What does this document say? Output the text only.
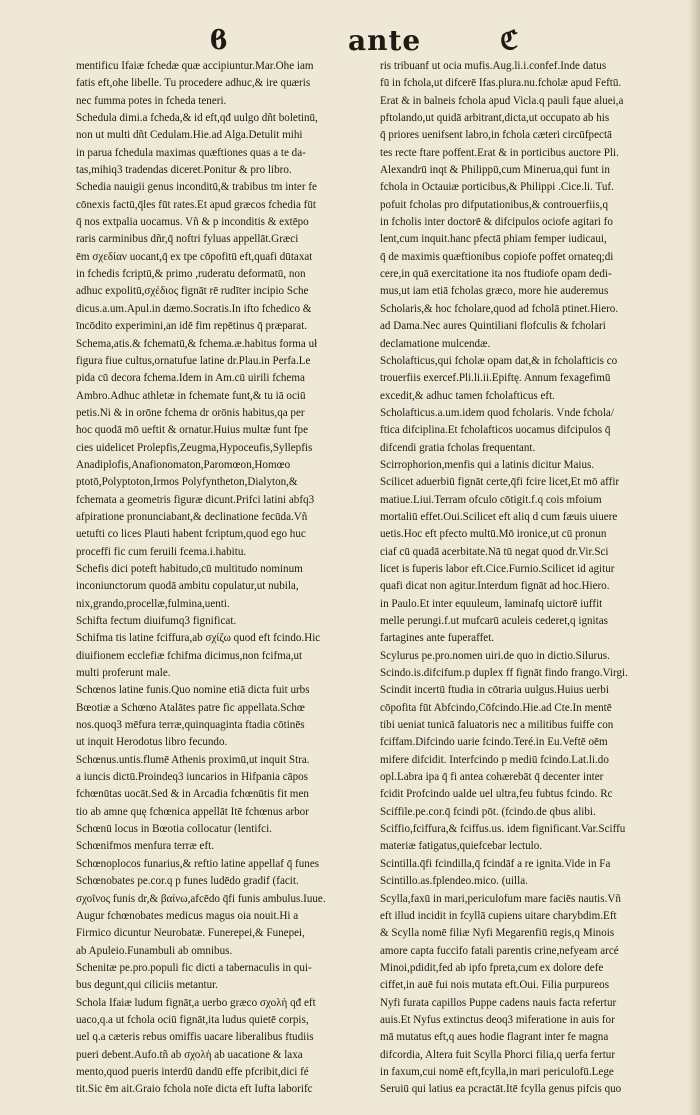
ϐ	ante	ℭ
mentificu Ifaiæ fchedæ quæ accipiuntur.Mar.Ohe iam
fatis eft,ohe libelle. Tu procedere adhuc,& ire quæris
nec fumma potes in fcheda teneri.
Schedula dimi.a fcheda,& id eft,qđ uulgo dñt boletinū,
non ut multi dñt Cedulam.Hie.ad Alga.Detulit mihi
in parua fchedula maximas quæftiones quas a te da-
tas,mihiq3 tradendas diceret.Ponitur & pro libro.
Schedia nauigii genus inconditū,& trabibus tm inter fe
cōnexis factū,q̄les fūt rates.Et apud græcos fchedia fūt
q̄ nos extpalia uocamus. Vñ & p inconditis & extēpo
raris carminibus dñr,q̄ noftri fyluas appellāt.Græci
ēm σχεδίαν uocant,q̄ ex tpe cōpofitū eft,quafi dūtaxat
in fchedis fcriptū,& primo ,ruderatu deformatū, non
adhuc expolitū,σχέδιος fignāt rē rudīter incipio Sche
dicus.a.um.Apul.in dæmo.Socratis.In ifto fchedico &
īncōdito experimini,an idē fim repētinus q̄ præparat.
Schema,atis.& fchematū,& fchema.æ.habitus forma uł
figura fiue cultus,ornatufue latine dr.Plau.in Perfa.Le
pida cū decora fchema.Idem in Am.cū uirili fchema
Ambro.Adhuc athletæ in fchemate funt,& tu iā ociū
petis.Ni & in orōne fchema dr orōnis habitus,qa per
hoc quodā mō ueftit & ornatur.Huius multæ funt fpe
cies uidelicet Prolepfis,Zeugma,Hypoceufis,Syllepfis
Anadiplofis,Anafionomaton,Paromœon,Homœo
ptotō,Polyptoton,Irmos Polyfyntheton,Dialyton,&
fchemata a geometris figuræ dicunt.Prifci latini abfq3
afpiratione pronunciabant,& declinatione fecūda.Vñ
uetufti co lices Plauti habent fcriptum,quod ego huc
proceffi fic cum feruili fcema.i.habitu.
Schefis dici poteft habitudo,cū multitudo nominum
inconiunctorum quodā ambitu copulatur,ut nubila,
nix,grando,procellæ,fulmina,uenti.
Schifta fectum diuifumq3 fignificat.
Schifma tis latine fciffura,ab σχίζω quod eft fcindo.Hic
diuifionem ecclefiæ fchifma dicimus,non fcifma,ut
multi proferunt male.
Schœnos latine funis.Quo nomine etiā dicta fuit urbs
Bœotiæ a Schœno Atalātes patre fic appellata.Schœ
nos.quoq3 mēfura terræ,quinquaginta ftadia cōtinēs
ut inquit Herodotus libro fecundo.
Schœnus.untis.flumē Athenis proximū,ut inquit Stra.
a iuncis dictū.Proindeq3 iuncarios in Hifpania cāpos
fchœnūtas uocāt.Sed & in Arcadia fchœnūtis fit men
tio ab amne quę fchœnica appellāt Itē fchœnus arbor
Schœnū locus in Bœotia collocatur (lentifci.
Schœnifmos menfura terræ eft.
Schœnoplocos funarius,& reftio latine appellaf q̄ funes
Schœnobates pe.cor.q p funes ludēdo gradif (facit.
σχοῖνος funis dr,& βαίνω,afcēdo q̄fi funis ambulus.Iuue.
Augur fchœnobates medicus magus oia nouit.Hi a
Firmico dicuntur Neurobatæ. Funerepei,& Funepei,
ab Apuleio.Funambuli ab omnibus.
Schenitæ pe.pro.populi fic dicti a tabernaculis in qui-
bus degunt,qui ciliciis metantur.
Schola Ifaiæ ludum fignāt,a uerbo græco σχολὴ qđ eft
uaco,q.a ut fchola ociū fignāt,ita ludus quietē corpis,
uel q.a cæteris rebus omiffis uacare liberalibus ftudiis
pueri debent.Aufo.tñ ab σχολὴ ab uacatione & laxa
mento,quod pueris interdū dandū effe pfcribit,dici fé
tit.Sic ēm ait.Graio fchola noīe dicta eft Iufta laborifc
ris tribuanf ut ocia mufis.Aug.li.i.confef.Inde datus
fū in fchola,ut difcerē Ifas.plura.nu.fcholæ apud Feftū.
Erat & in balneis fchola apud Vicla.q pauli fąue aluei,a
pftolando,ut quidā arbitrant,dicta,ut occupato ab his
q̄ priores uenifsent labro,in fchola cæteri circūfpectā
tes recte ftare poffent.Erat & in porticibus auctore Pli.
Alexandrū inqt & Philippū,cum Minerua,qui funt in
fchola in Octauiæ porticibus,& Philippi .Cice.li. Tuf.
pofuit fcholas pro difputationibus,& controuerfiis,q
in fcholis inter doctorē & difcipulos ociofe agitari fo
lent,cum inquit.hanc pfectā phiam femper iudicaui,
q̄ de maximis quæftionibus copiofe poffet ornateq;di
cere,in quā exercitatione ita nos ftudiofe opam dedi-
mus,ut iam etiā fcholas græco, more hie auderemus
Scholaris,& hoc fcholare,quod ad fcholā ptinet.Hiero.
ad Dama.Nec aures Quintiliani flofculis & fcholari
declamatione mulcendæ.
Scholafticus,qui fcholæ opam dat,& in fcholafticis co
trouerfiis exercef.Pli.li.ii.Epiftę. Annum fexagefimū
excedit,& adhuc tamen fcholafticus eft.
Scholafticus.a.um.idem quod fcholaris. Vnde fchola/
ftica difciplina.Et fcholafticos uocamus difcipulos q̄
difcendi gratia fcholas frequentant.
Scirrophorion,menfis qui a latinis dicitur Maius.
Scilicet aduerbiū fignāt certe,q̄fi fcire licet,Et mō affir
matiue.Liui.Terram ofculo cōtigit.f.q cois mfoium
mortaliū effet.Oui.Scilicet eft aliq d cum fæuis uiuere
uetis.Hoc eft pfecto multū.Mō ironice,ut cū pronun
ciaf cū quadā acerbitate.Nā tū negat quod dr.Vir.Sci
licet is fuperis labor eft.Cice.Furnio.Scilicet id agitur
quafi dicat non agitur.Interdum fignāt ad hoc.Hiero.
in Paulo.Et inter equuleum, laminafq uictorē iuffit
melle perungi.f.ut mufcarū aculeis cederet,q ignitas
fartagines ante fuperaffet.
Scylurus pe.pro.nomen uiri.de quo in dictio.Silurus.
Scindo.is.difcifum.p duplex ff fignāt findo frango.Virgi.
Scindit incertū ftudia in cōtraria uulgus.Huius uerbi
cōpofita fūt Abfcindo,Cōfcindo.Hie.ad Cte.In mentē
tibi ueniat tunicā faluatoris nec a militibus fuiffe con
fciffam.Difcindo uarie fcindo.Teré.in Eu.Veftē oēm
mifere difcidit. Interfcindo p mediū fcindo.Lat.li.do
opl.Labra ipa q̄ fi antea cohærebāt q̄ decenter inter
fcidit Profcindo ualde uel ultra,feu fubtus fcindo. Rc
Sciffile.pe.cor.q̄ fcindi pōt. (fcindo.de qbus alibi.
Sciffio,fciffura,& fciffus.us. idem fignificant.Var.Sciffu
materiæ fatigatus,quiefcebar lectulo.
Scintilla.q̄fi fcindilla,q̄ fcindāf a re ignita.Vide in Fa
Scintillo.as.fplendeo.mico. (uilla.
Scylla,faxū in mari,periculofum mare faciēs nautis.Vñ
eft illud incidit in fcyllā cupiens uitare charybdim.Eft
& Scylla nomē filiæ Nyfi Megarenfiū regis,q Minois
amore capta fuccifo fatali parentis crine,nefyeam arcé
Minoi,pdidit,fed ab ipfo fpreta,cum ex dolore defe
ciffet,in auē fui nois mutata eft.Oui. Filia purpureos
Nyfi furata capillos Puppe cadens nauis facta refertur
auis.Et Nyfus extinctus deoq3 miferatione in auis for
mā mutatus eft,q aues hodie flagrant inter fe magna
difcordia, Altera fuit Scylla Phorci filia,q uerfa fertur
in faxum,cui nomē eft,fcylla,in mari periculofū.Lege
Seruiū qui latius ea pcractāt.Itē fcylla genus pifcis quo
